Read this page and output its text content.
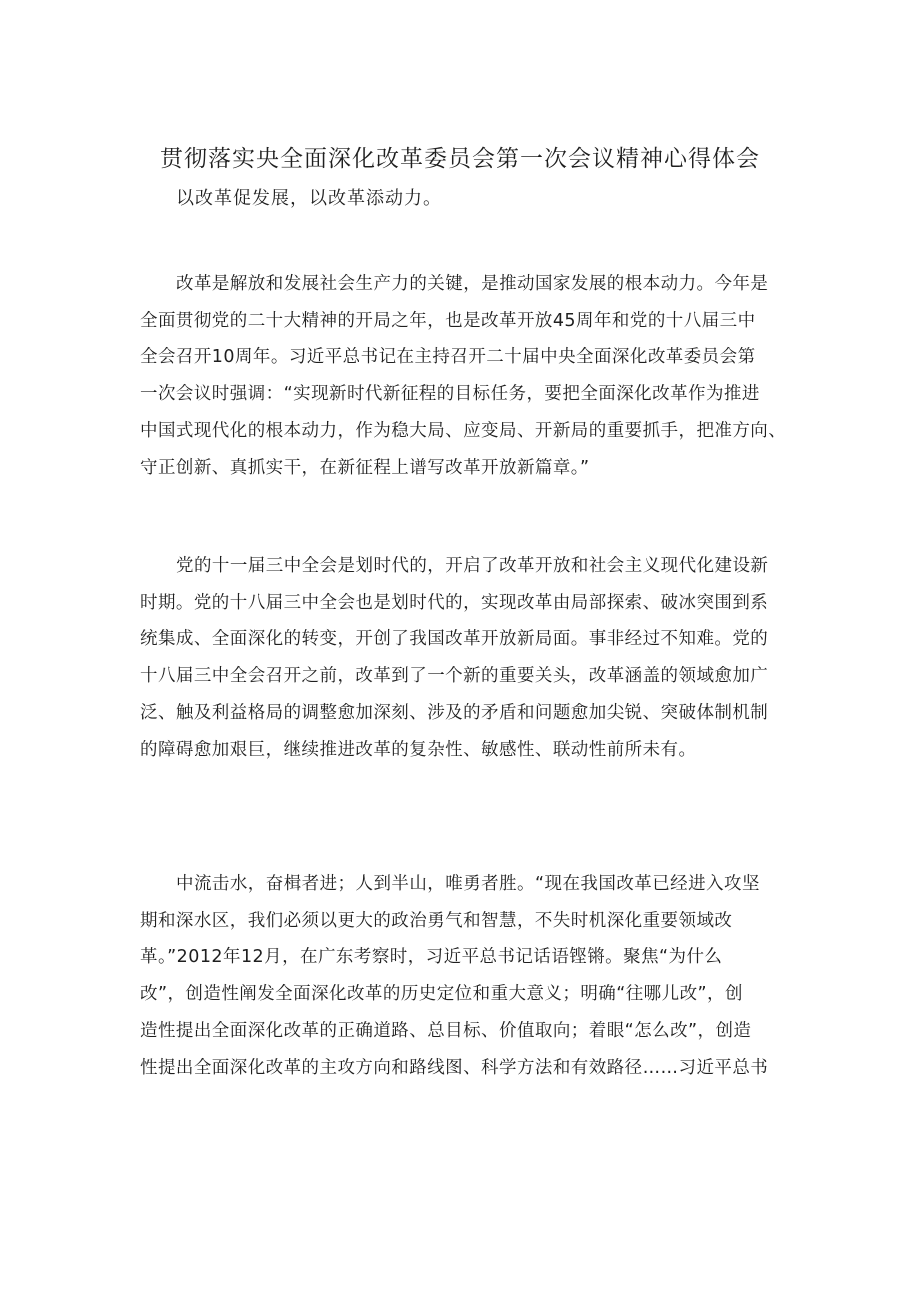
贯彻落实央全面深化改革委员会第一次会议精神心得体会

以改革促发展，以改革添动力。

改革是解放和发展社会生产力的关键，是推动国家发展的根本动力。今年是
全面贯彻党的二十大精神的开局之年，也是改革开放45周年和党的十八届三中
全会召开10周年。习近平总书记在主持召开二十届中央全面深化改革委员会第
一次会议时强调：“实现新时代新征程的目标任务，要把全面深化改革作为推进
中国式现代化的根本动力，作为稳大局、应变局、开新局的重要抓手，把准方向、
守正创新、真抓实干，在新征程上谱写改革开放新篇章。”
党的十一届三中全会是划时代的，开启了改革开放和社会主义现代化建设新
时期。党的十八届三中全会也是划时代的，实现改革由局部探索、破冰突围到系
统集成、全面深化的转变，开创了我国改革开放新局面。事非经过不知难。党的
十八届三中全会召开之前，改革到了一个新的重要关头，改革涵盖的领域愈加广
泛、触及利益格局的调整愈加深刻、涉及的矛盾和问题愈加尖锐、突破体制机制
的障碍愈加艰巨，继续推进改革的复杂性、敏感性、联动性前所未有。
中流击水，奋楫者进；人到半山，唯勇者胜。“现在我国改革已经进入攻坚
期和深水区，我们必须以更大的政治勇气和智慧，不失时机深化重要领域改
革。”2012年12月，在广东考察时，习近平总书记话语铿锵。聚焦“为什么
改”，创造性阐发全面深化改革的历史定位和重大意义；明确“往哪儿改”，创
造性提出全面深化改革的正确道路、总目标、价值取向；着眼“怎么改”，创造
性提出全面深化改革的主攻方向和路线图、科学方法和有效路径……习近平总书
